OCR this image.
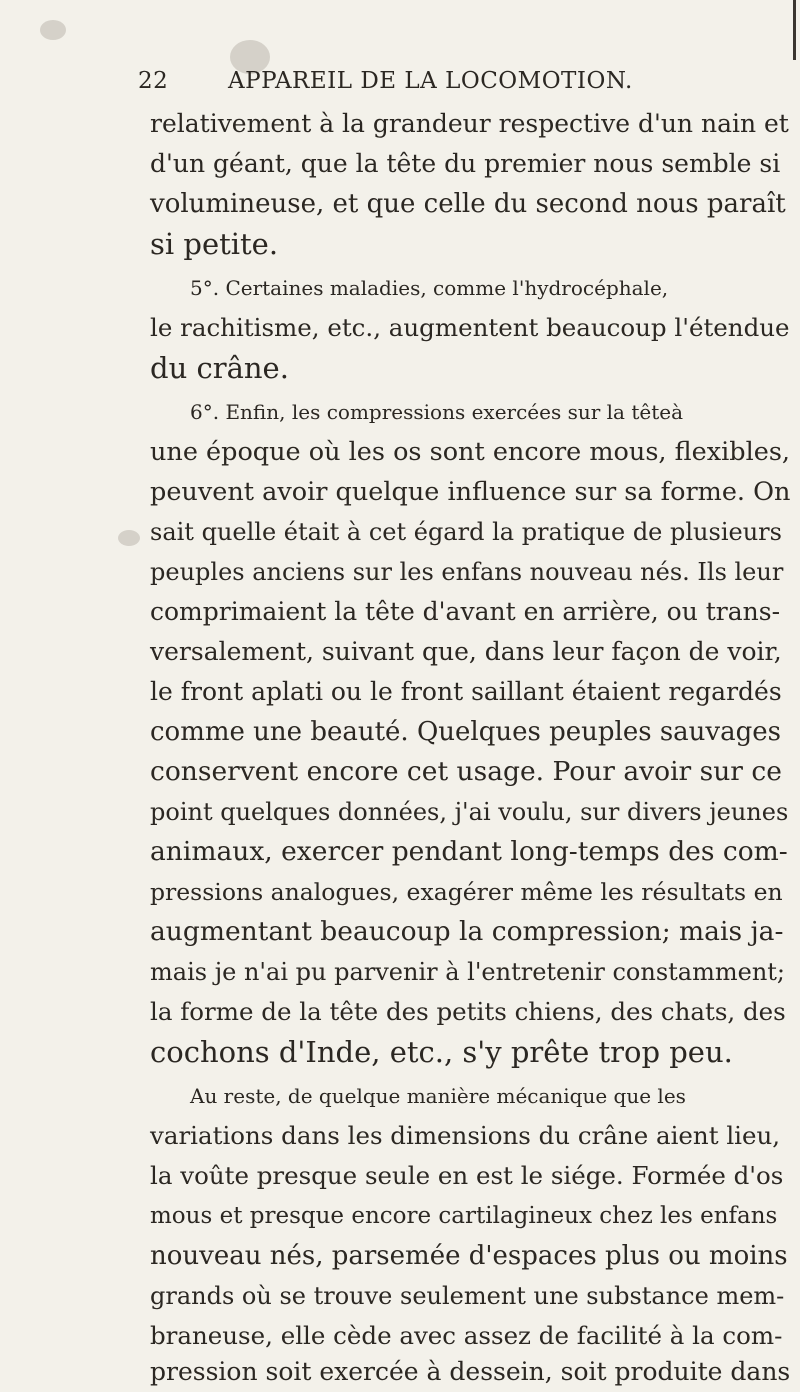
22	APPAREIL DE LA LOCOMOTION.
relativement à la grandeur respective d'un nain et
d'un géant, que la tête du premier nous semble si
volumineuse, et que celle du second nous paraît
si petite.
5°. Certaines maladies, comme l'hydrocéphale,
le rachitisme, etc., augmentent beaucoup l'étendue
du crâne.
6°. Enfin, les compressions exercées sur la têteà
une époque où les os sont encore mous, flexibles,
peuvent avoir quelque influence sur sa forme. On
sait quelle était à cet égard la pratique de plusieurs
peuples anciens sur les enfans nouveau nés. Ils leur
comprimaient la tête d'avant en arrière, ou trans-
versalement, suivant que, dans leur façon de voir,
le front aplati ou le front saillant étaient regardés
comme une beauté. Quelques peuples sauvages
conservent encore cet usage. Pour avoir sur ce
point quelques données, j'ai voulu, sur divers jeunes
animaux, exercer pendant long-temps des com-
pressions analogues, exagérer même les résultats en
augmentant beaucoup la compression; mais ja-
mais je n'ai pu parvenir à l'entretenir constamment;
la forme de la tête des petits chiens, des chats, des
cochons d'Inde, etc., s'y prête trop peu.
Au reste, de quelque manière mécanique que les
variations dans les dimensions du crâne aient lieu,
la voûte presque seule en est le siége. Formée d'os
mous et presque encore cartilagineux chez les enfans
nouveau nés, parsemée d'espaces plus ou moins
grands où se trouve seulement une substance mem-
braneuse, elle cède avec assez de facilité à la com-
pression soit exercée à dessein, soit produite dans
